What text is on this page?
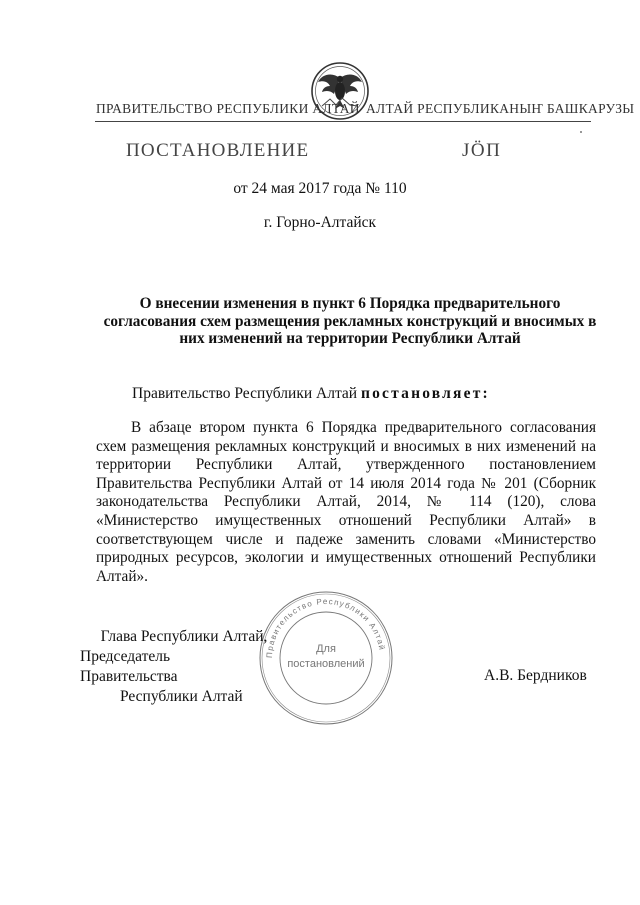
ПРАВИТЕЛЬСТВО РЕСПУБЛИКИ АЛТАЙ АЛТАЙ РЕСПУБЛИКАНЫҤ БАШКАРУЗЫ
ПОСТАНОВЛЕНИЕ	ЈӦП
от 24 мая 2017 года № 110
г. Горно-Алтайск
О внесении изменения в пункт 6 Порядка предварительного согласования схем размещения рекламных конструкций и вносимых в них изменений на территории Республики Алтай
Правительство Республики Алтай постановляет:
В абзаце втором пункта 6 Порядка предварительного согласования схем размещения рекламных конструкций и вносимых в них изменений на территории Республики Алтай, утвержденного постановлением Правительства Республики Алтай от 14 июля 2014 года № 201 (Сборник законодательства Республики Алтай, 2014, № 114 (120), слова «Министерство имущественных отношений Республики Алтай» в соответствующем числе и падеже заменить словами «Министерство природных ресурсов, экологии и имущественных отношений Республики Алтай».
Правительство Республики Алтай
Для
постановлений
Глава Республики Алтай,
Председатель Правительства
Республики Алтай
А.В. Бердников
